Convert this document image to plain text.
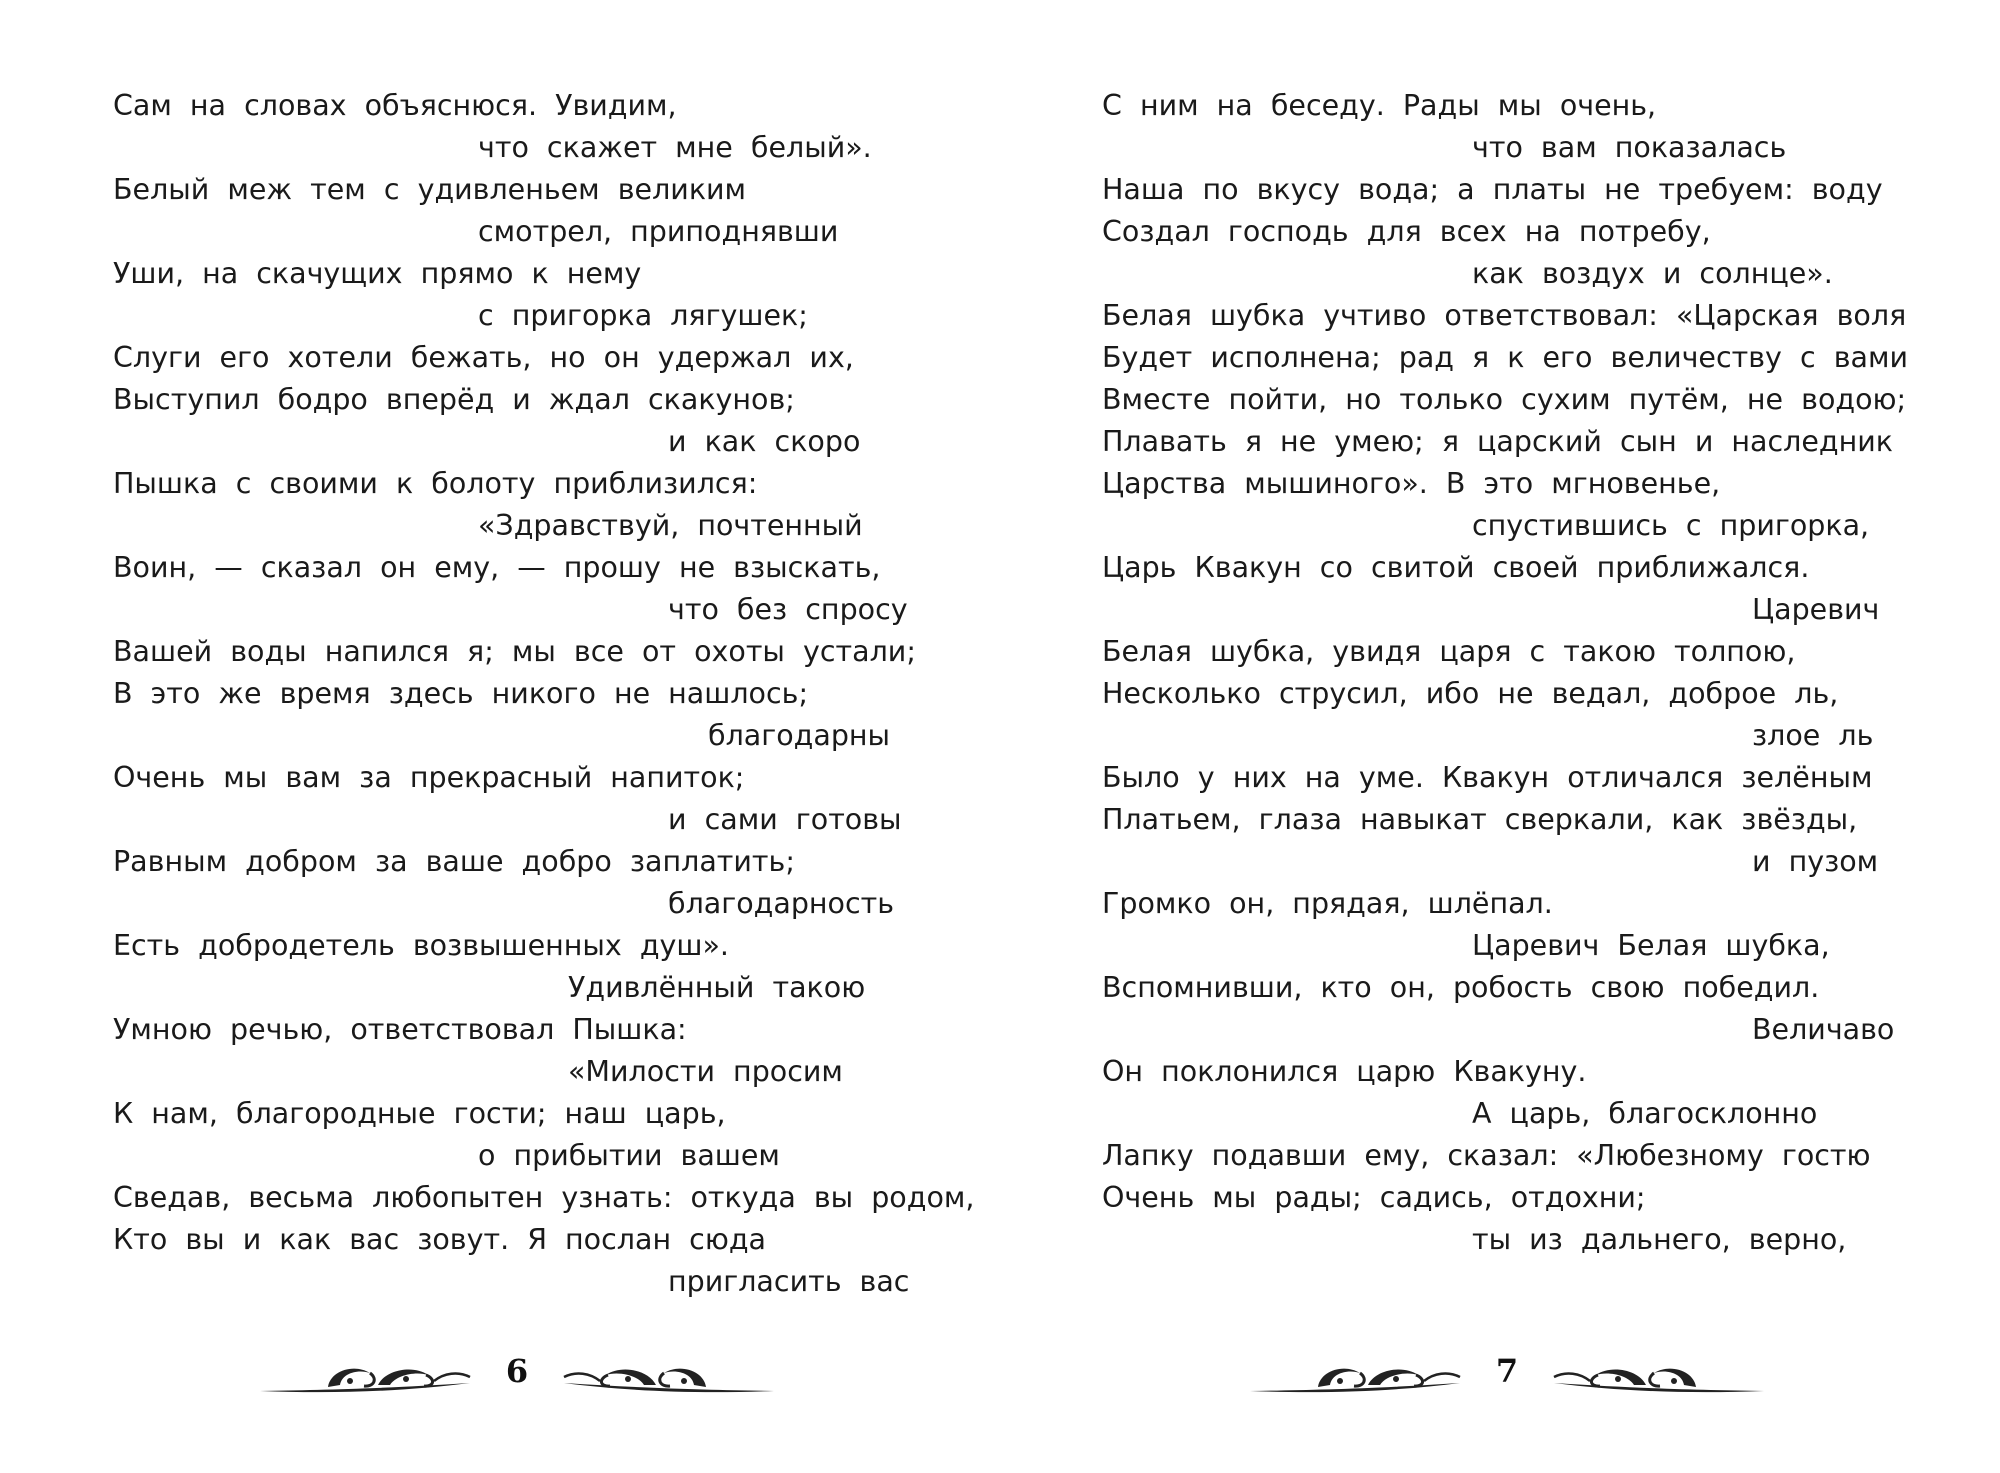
Сам на словах объяснюся. Увидим,
что скажет мне белый».
Белый меж тем с удивленьем великим
смотрел, приподнявши
Уши, на скачущих прямо к нему
с пригорка лягушек;
Слуги его хотели бежать, но он удержал их,
Выступил бодро вперёд и ждал скакунов;
и как скоро
Пышка с своими к болоту приблизился:
«Здравствуй, почтенный
Воин, — сказал он ему, — прошу не взыскать,
что без спросу
Вашей воды напился я; мы все от охоты устали;
В это же время здесь никого не нашлось;
благодарны
Очень мы вам за прекрасный напиток;
и сами готовы
Равным добром за ваше добро заплатить;
благодарность
Есть добродетель возвышенных душ».
Удивлённый такою
Умною речью, ответствовал Пышка:
«Милости просим
К нам, благородные гости; наш царь,
о прибытии вашем
Сведав, весьма любопытен узнать: откуда вы родом,
Кто вы и как вас зовут. Я послан сюда
пригласить вас
6
С ним на беседу. Рады мы очень,
что вам показалась
Наша по вкусу вода; а платы не требуем: воду
Создал господь для всех на потребу,
как воздух и солнце».
Белая шубка учтиво ответствовал: «Царская воля
Будет исполнена; рад я к его величеству с вами
Вместе пойти, но только сухим путём, не водою;
Плавать я не умею; я царский сын и наследник
Царства мышиного». В это мгновенье,
спустившись с пригорка,
Царь Квакун со свитой своей приближался.
Царевич
Белая шубка, увидя царя с такою толпою,
Несколько струсил, ибо не ведал, доброе ль,
злое ль
Было у них на уме. Квакун отличался зелёным
Платьем, глаза навыкат сверкали, как звёзды,
и пузом
Громко он, прядая, шлёпал.
Царевич Белая шубка,
Вспомнивши, кто он, робость свою победил.
Величаво
Он поклонился царю Квакуну.
А царь, благосклонно
Лапку подавши ему, сказал: «Любезному гостю
Очень мы рады; садись, отдохни;
ты из дальнего, верно,
7
